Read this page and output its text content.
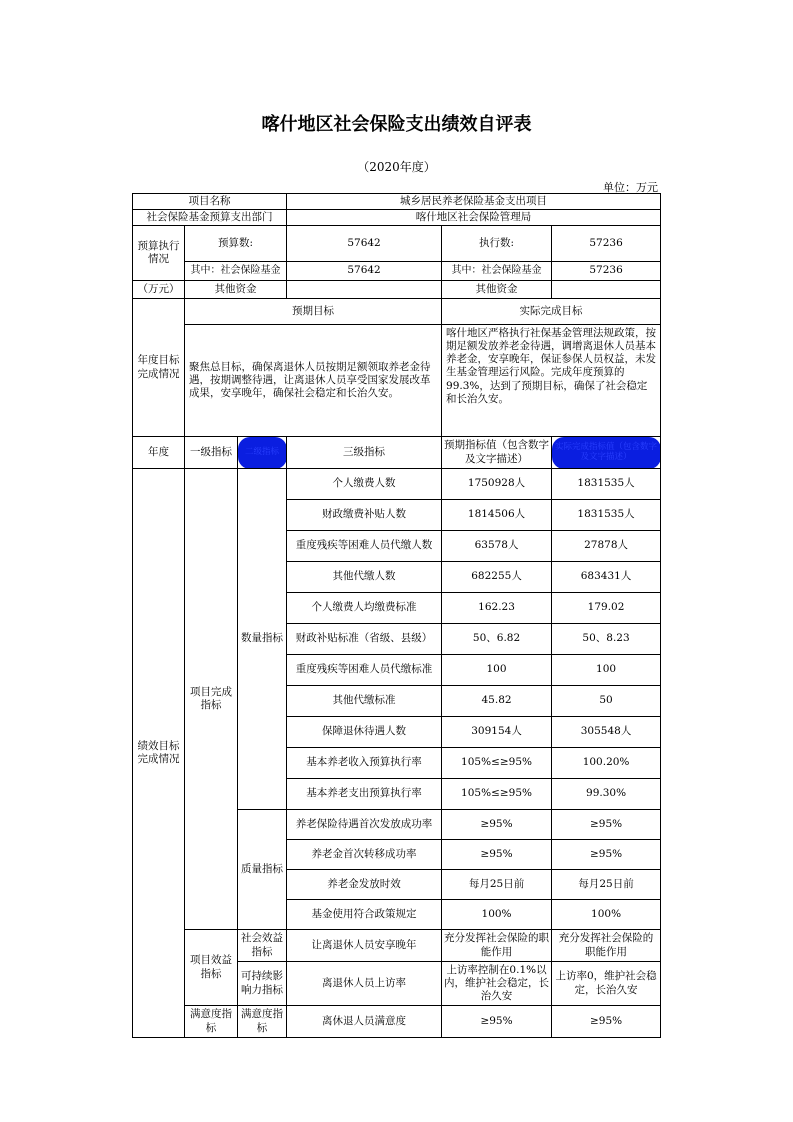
喀什地区社会保险支出绩效自评表
（2020年度）
单位：万元
项目名称			城乡居民养老保险基金支出项目		
社会保险基金预算支出部门			喀什地区社会保险管理局		
预算执行情况	预算数:		57642	执行数:	57236
	其中：社会保险基金		57642	其中：社会保险基金	57236
（万元）	其他资金			其他资金	
年度目标完成情况	预期目标			实际完成目标	
	聚焦总目标，确保离退休人员按期足额领取养老金待遇，按期调整待遇，让离退休人员享受国家发展改革成果，安享晚年，确保社会稳定和长治久安。			喀什地区严格执行社保基金管理法规政策，按期足额发放养老金待遇，调增离退休人员基本养老金，安享晚年，保证参保人员权益，未发生基金管理运行风险。完成年度预算的99.3%，达到了预期目标，确保了社会稳定和长治久安。	
年度	一级指标	二级指标	三级指标	预期指标值（包含数字及文字描述）	实际完成指标值（包含数字及文字描述）
绩效目标完成情况	项目完成指标	数量指标	个人缴费人数	1750928人	1831535人
			财政缴费补贴人数	1814506人	1831535人
			重度残疾等困难人员代缴人数	63578人	27878人
			其他代缴人数	682255人	683431人
			个人缴费人均缴费标准	162.23	179.02
			财政补贴标准（省级、县级）	50、6.82	50、8.23
			重度残疾等困难人员代缴标准	100	100
			其他代缴标准	45.82	50
			保障退休待遇人数	309154人	305548人
			基本养老收入预算执行率	105%≤≥95%	100.20%
			基本养老支出预算执行率	105%≤≥95%	99.30%
		质量指标	养老保险待遇首次发放成功率	≥95%	≥95%
			养老金首次转移成功率	≥95%	≥95%
			养老金发放时效	每月25日前	每月25日前
			基金使用符合政策规定	100%	100%
	项目效益指标	社会效益指标	让离退休人员安享晚年	充分发挥社会保险的职能作用	充分发挥社会保险的职能作用
		可持续影响力指标	离退休人员上访率	上访率控制在0.1%以内，维护社会稳定，长治久安	上访率0，维护社会稳定，长治久安
	满意度指标	满意度指标	离休退人员满意度	≥95%	≥95%
